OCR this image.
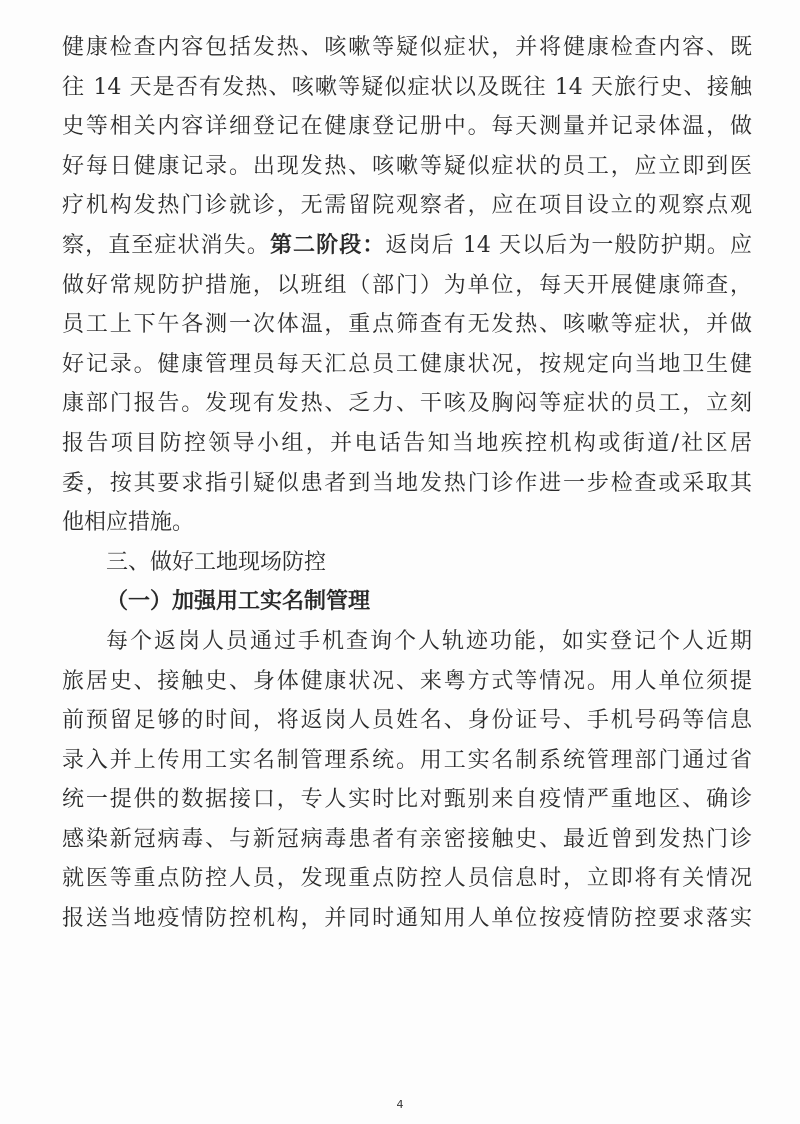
健康检查内容包括发热、咳嗽等疑似症状，并将健康检查内容、既
往 14 天是否有发热、咳嗽等疑似症状以及既往 14 天旅行史、接触
史等相关内容详细登记在健康登记册中。每天测量并记录体温，做
好每日健康记录。出现发热、咳嗽等疑似症状的员工，应立即到医
疗机构发热门诊就诊，无需留院观察者，应在项目设立的观察点观
察，直至症状消失。第二阶段：返岗后 14 天以后为一般防护期。应
做好常规防护措施，以班组（部门）为单位，每天开展健康筛查，
员工上下午各测一次体温，重点筛查有无发热、咳嗽等症状，并做
好记录。健康管理员每天汇总员工健康状况，按规定向当地卫生健
康部门报告。发现有发热、乏力、干咳及胸闷等症状的员工，立刻
报告项目防控领导小组，并电话告知当地疾控机构或街道/社区居
委，按其要求指引疑似患者到当地发热门诊作进一步检查或采取其
他相应措施。
三、做好工地现场防控
（一）加强用工实名制管理
每个返岗人员通过手机查询个人轨迹功能，如实登记个人近期
旅居史、接触史、身体健康状况、来粤方式等情况。用人单位须提
前预留足够的时间，将返岗人员姓名、身份证号、手机号码等信息
录入并上传用工实名制管理系统。用工实名制系统管理部门通过省
统一提供的数据接口，专人实时比对甄别来自疫情严重地区、确诊
感染新冠病毒、与新冠病毒患者有亲密接触史、最近曾到发热门诊
就医等重点防控人员，发现重点防控人员信息时，立即将有关情况
报送当地疫情防控机构，并同时通知用人单位按疫情防控要求落实
4
